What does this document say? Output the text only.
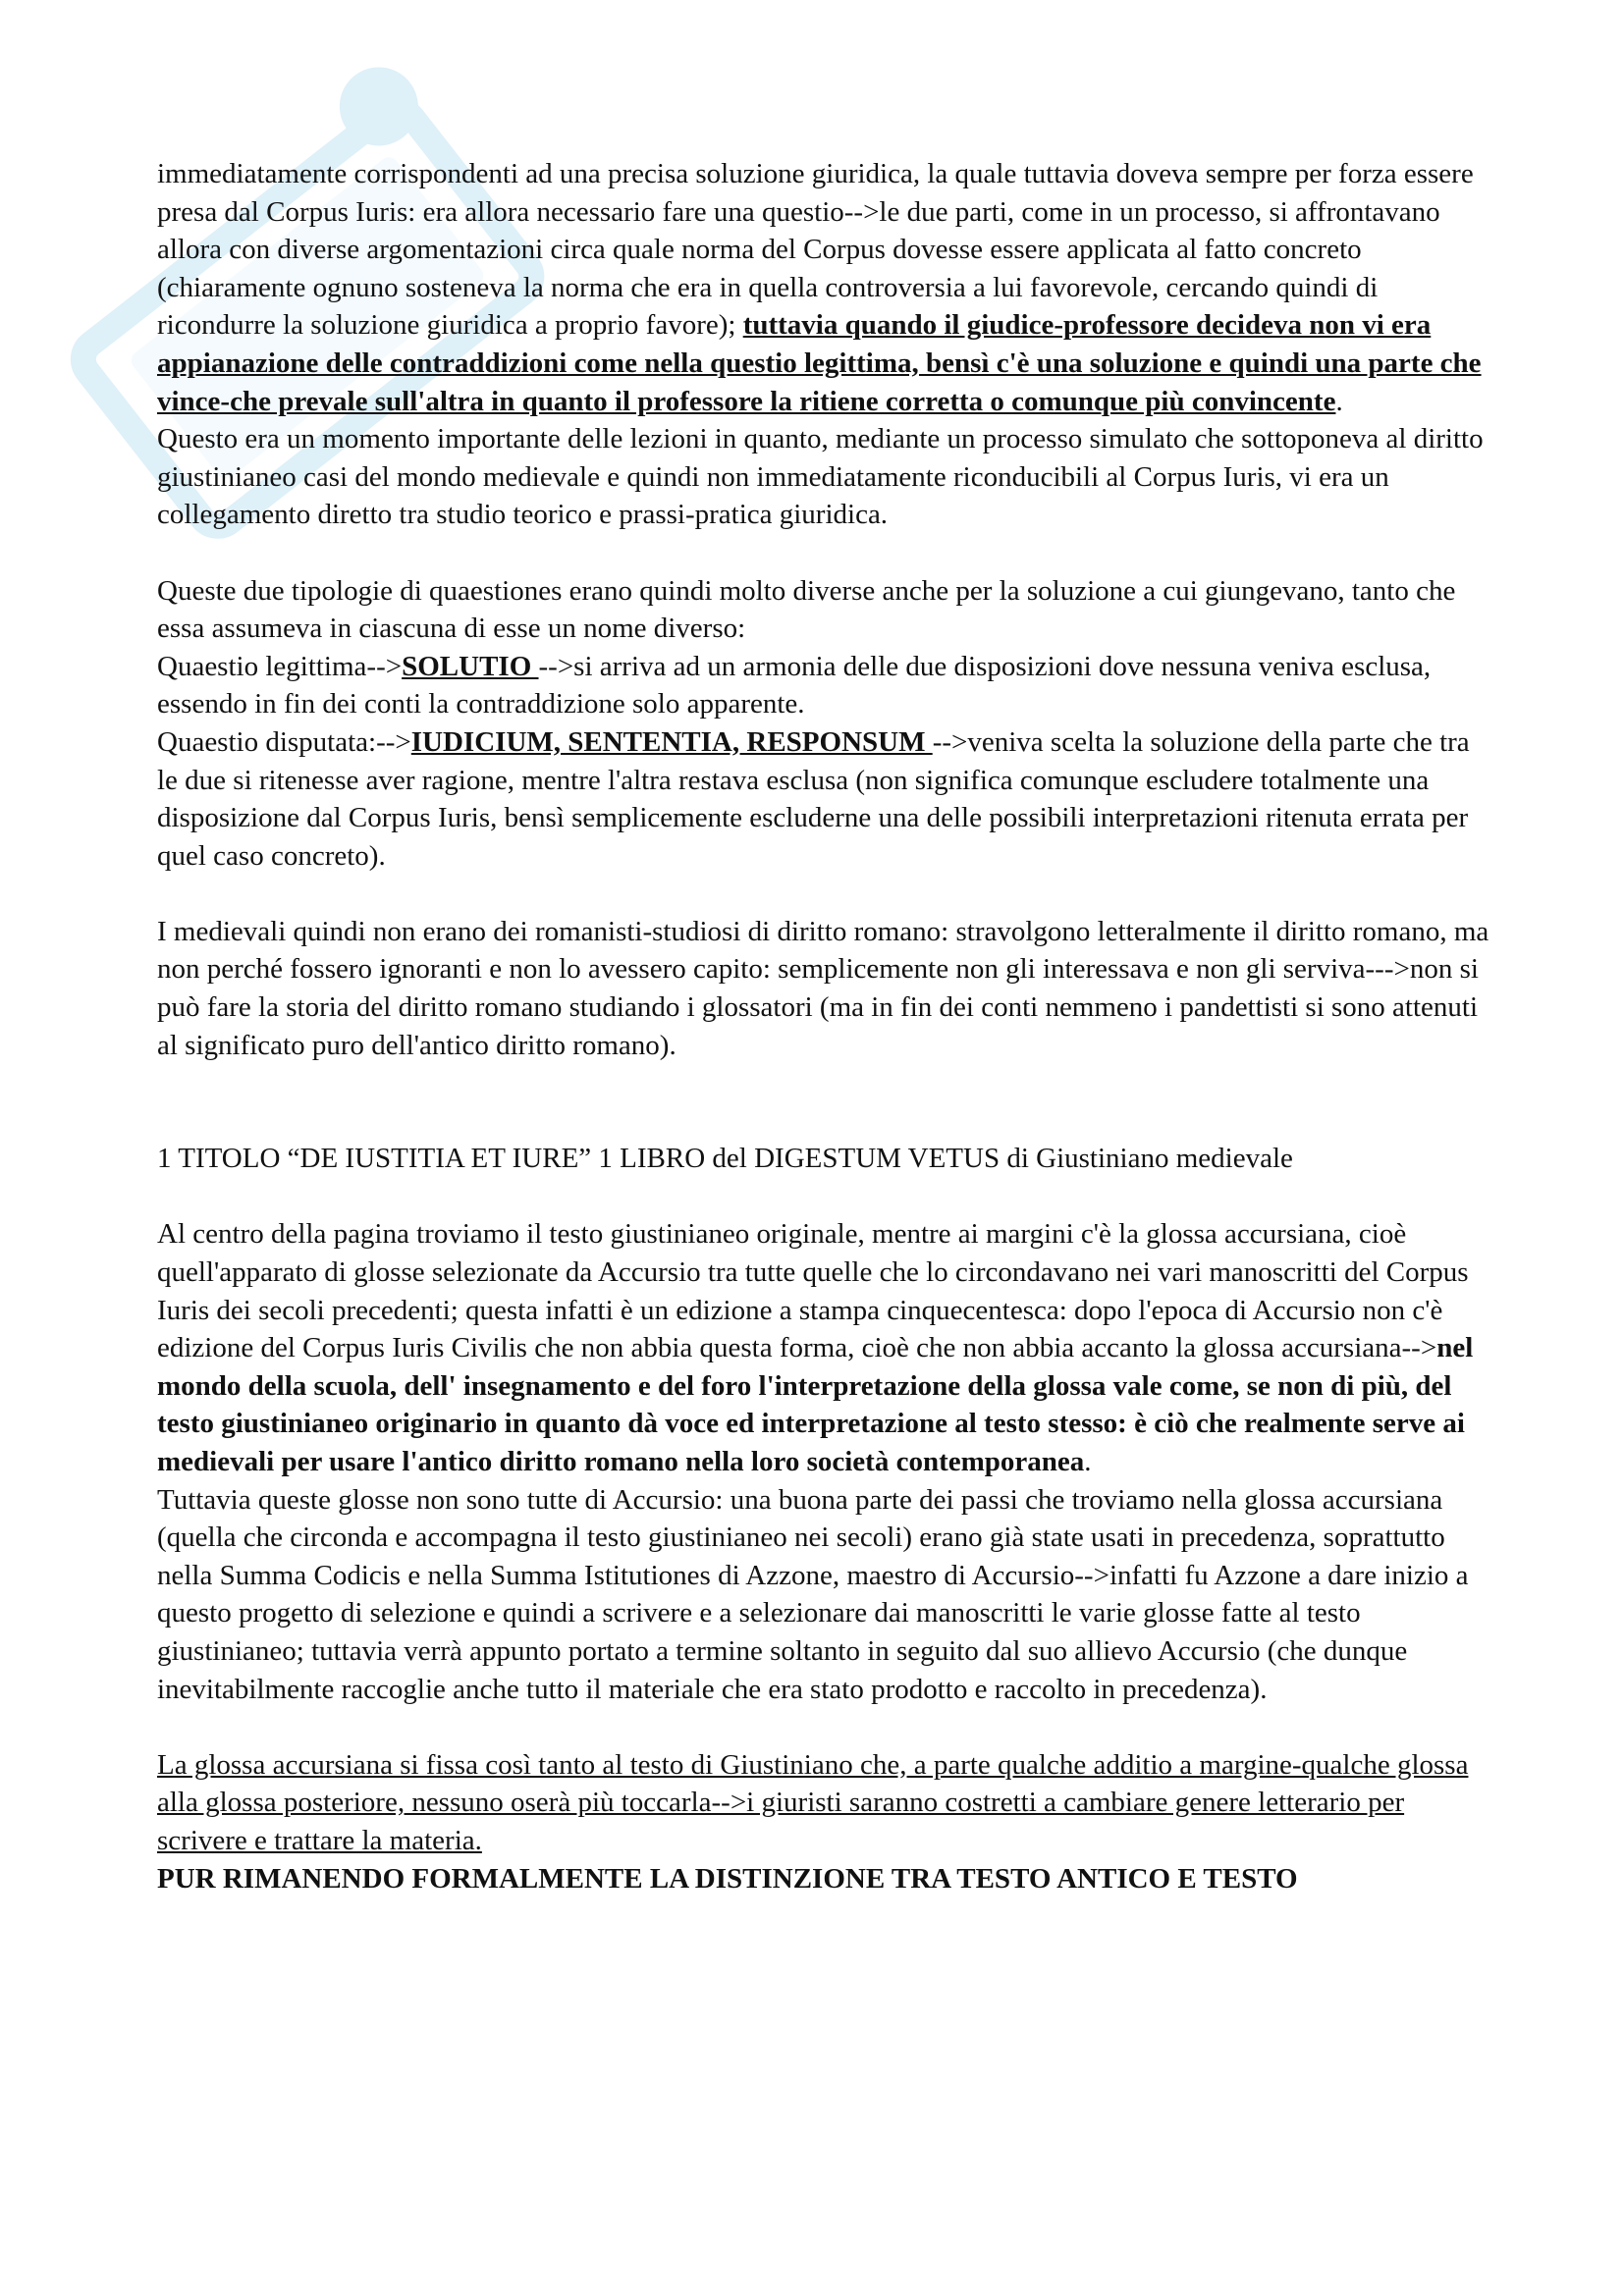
immediatamente corrispondenti ad una precisa soluzione giuridica, la quale tuttavia doveva sempre per forza essere presa dal Corpus Iuris: era allora necessario fare una questio-->le due parti, come in un processo, si affrontavano allora con diverse argomentazioni circa quale norma del Corpus dovesse essere applicata al fatto concreto (chiaramente ognuno sosteneva la norma che era in quella controversia a lui favorevole, cercando quindi di ricondurre la soluzione giuridica a proprio favore); tuttavia quando il giudice-professore decideva non vi era appianazione delle contraddizioni come nella questio legittima, bensì c'è una soluzione e quindi una parte che vince-che prevale sull'altra in quanto il professore la ritiene corretta o comunque più convincente.

Questo era un momento importante delle lezioni in quanto, mediante un processo simulato che sottoponeva al diritto giustinianeo casi del mondo medievale e quindi non immediatamente riconducibili al Corpus Iuris, vi era un collegamento diretto tra studio teorico e prassi-pratica giuridica.

Queste due tipologie di quaestiones erano quindi molto diverse anche per la soluzione a cui giungevano, tanto che essa assumeva in ciascuna di esse un nome diverso:

Quaestio legittima-->SOLUTIO -->si arriva ad un armonia delle due disposizioni dove nessuna veniva esclusa, essendo in fin dei conti la contraddizione solo apparente.

Quaestio disputata:-->IUDICIUM, SENTENTIA, RESPONSUM -->veniva scelta la soluzione della parte che tra le due si ritenesse aver ragione, mentre l'altra restava esclusa (non significa comunque escludere totalmente una disposizione dal Corpus Iuris, bensì semplicemente escluderne una delle possibili interpretazioni ritenuta errata per quel caso concreto).

I medievali quindi non erano dei romanisti-studiosi di diritto romano: stravolgono letteralmente il diritto romano, ma non perché fossero ignoranti e non lo avessero capito: semplicemente non gli interessava e non gli serviva--->non si può fare la storia del diritto romano studiando i glossatori (ma in fin dei conti nemmeno i pandettisti si sono attenuti al significato puro dell'antico diritto romano).

1 TITOLO “DE IUSTITIA ET IURE” 1 LIBRO del DIGESTUM VETUS di Giustiniano medievale

Al centro della pagina troviamo il testo giustinianeo originale, mentre ai margini c'è la glossa accursiana, cioè quell'apparato di glosse selezionate da Accursio tra tutte quelle che lo circondavano nei vari manoscritti del Corpus Iuris dei secoli precedenti; questa infatti è un edizione a stampa cinquecentesca: dopo l'epoca di Accursio non c'è edizione del Corpus Iuris Civilis che non abbia questa forma, cioè che non abbia accanto la glossa accursiana-->nel mondo della scuola, dell' insegnamento e del foro l'interpretazione della glossa vale come, se non di più, del testo giustinianeo originario in quanto dà voce ed interpretazione al testo stesso: è ciò che realmente serve ai medievali per usare l'antico diritto romano nella loro società contemporanea.

Tuttavia queste glosse non sono tutte di Accursio: una buona parte dei passi che troviamo nella glossa accursiana (quella che circonda e accompagna il testo giustinianeo nei secoli) erano già state usati in precedenza, soprattutto nella Summa Codicis e nella Summa Istitutiones di Azzone, maestro di Accursio-->infatti fu Azzone a dare inizio a questo progetto di selezione e quindi a scrivere e a selezionare dai manoscritti le varie glosse fatte al testo giustinianeo; tuttavia verrà appunto portato a termine soltanto in seguito dal suo allievo Accursio (che dunque inevitabilmente raccoglie anche tutto il materiale che era stato prodotto e raccolto in precedenza).

La glossa accursiana si fissa così tanto al testo di Giustiniano che, a parte qualche additio a margine-qualche glossa alla glossa posteriore, nessuno oserà più toccarla-->i giuristi saranno costretti a cambiare genere letterario per scrivere e trattare la materia.

PUR RIMANENDO FORMALMENTE LA DISTINZIONE TRA TESTO ANTICO E TESTO
